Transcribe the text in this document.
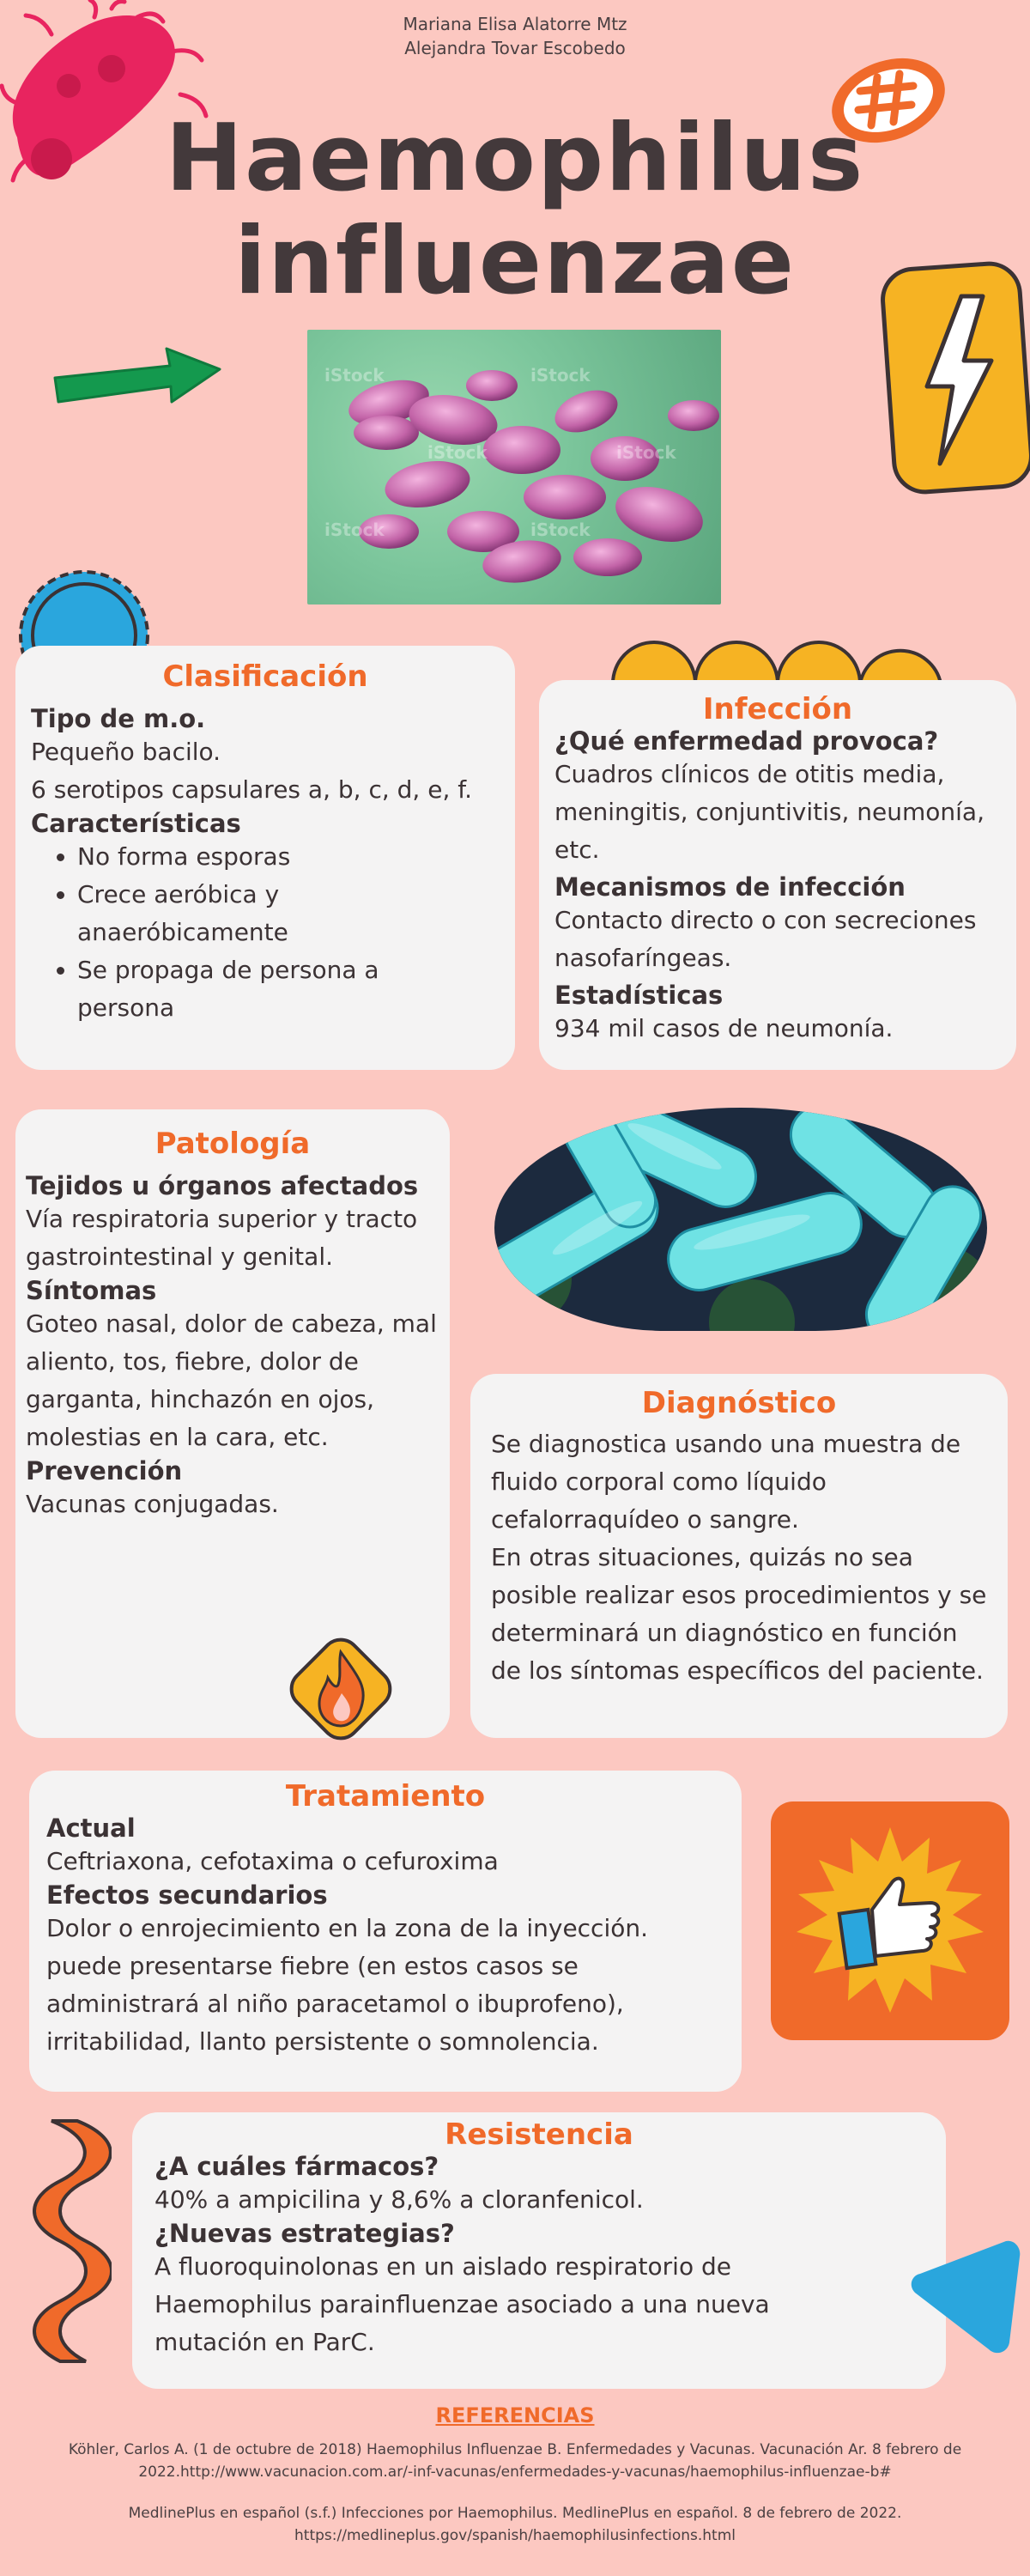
Mariana Elisa Alatorre Mtz
Alejandra Tovar Escobedo
Haemophilus
influenzae
iStock	iStock
iStock	iStock
iStock	iStock
Clasificación
Tipo de m.o.

Pequeño bacilo.

6 serotipos capsulares a, b, c, d, e, f.

Características
• No forma esporas
• Crece aeróbica y anaeróbicamente
• Se propaga de persona a persona
Infección
¿Qué enfermedad provoca?

Cuadros clínicos de otitis media, meningitis, conjuntivitis, neumonía, etc.

Mecanismos de infección

Contacto directo o con secreciones nasofaríngeas.

Estadísticas

934 mil casos de neumonía.

Patología
Tejidos u órganos afectados

Vía respiratoria superior y tracto gastrointestinal y genital.

Síntomas

Goteo nasal, dolor de cabeza, mal aliento, tos, fiebre, dolor de garganta, hinchazón en ojos, molestias en la cara, etc.

Prevención

Vacunas conjugadas.

Diagnóstico

Se diagnostica usando una muestra de fluido corporal como líquido cefalorraquídeo o sangre.

En otras situaciones, quizás no sea posible realizar esos procedimientos y se determinará un diagnóstico en función de los síntomas específicos del paciente.

Tratamiento
Actual

Ceftriaxona, cefotaxima o cefuroxima

Efectos secundarios

Dolor o enrojecimiento en la zona de la inyección. puede presentarse fiebre (en estos casos se administrará al niño paracetamol o ibuprofeno), irritabilidad, llanto persistente o somnolencia.

Resistencia
¿A cuáles fármacos?

40% a ampicilina y 8,6% a cloranfenicol.

¿Nuevas estrategias?

A fluoroquinolonas en un aislado respiratorio de Haemophilus parainfluenzae asociado a una nueva mutación en ParC.

REFERENCIAS

Köhler, Carlos A. (1 de octubre de 2018) Haemophilus Influenzae B. Enfermedades y Vacunas. Vacunación Ar. 8 febrero de 2022.http://www.vacunacion.com.ar/-inf-vacunas/enfermedades-y-vacunas/haemophilus-influenzae-b#

MedlinePlus en español (s.f.) Infecciones por Haemophilus. MedlinePlus en español. 8 de febrero de 2022. https://medlineplus.gov/spanish/haemophilusinfections.html
